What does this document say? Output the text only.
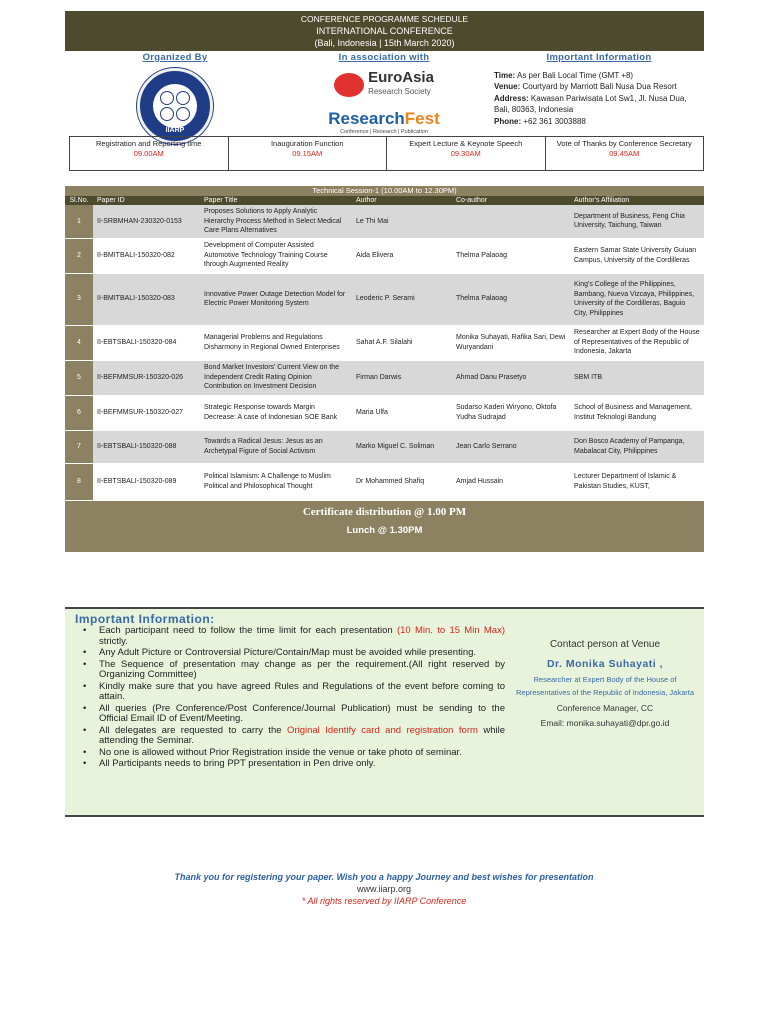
CONFERENCE PROGRAMME SCHEDULE
INTERNATIONAL CONFERENCE
(Bali, Indonesia | 15th March 2020)
Organized By
IIARP
In association with
EuroAsia
Research Society
ResearchFest
Conference | Research | Publication
Important Information
Time: As per Bali Local Time (GMT +8)
Venue: Courtyard by Marriott Bali Nusa Dua Resort
Address: Kawasan Pariwisata Lot Sw1, Jl. Nusa Dua, Bali, 80363, Indonesia
Phone: +62 361 3003888
Registration and Reporting time
09.00AM
Inauguration Function
09.15AM
Expert Lecture & Keynote Speech
09.30AM
Vote of Thanks by Conference Secretary
09.45AM
Technical Session-1 (10.00AM to 12.30PM)
Sl.No.	Paper ID	Paper Title	Author	Co-author	Author's Affiliation
1	II-SRBMHAN-230320-0153	Proposes Solutions to Apply Analytic Hierarchy Process Method in Select Medical Care Plans Alternatives	Le Thi Mai		Department of Business, Feng Chia University, Taichung, Taiwan
2	II-BMITBALI-150320-082	Development of Computer Assisted Automotive Technology Training Course through Augmented Reality	Aida Elivera	Thelma Palaoag	Eastern Samar State University Guiuan Campus, University of the Cordilleras
3	II-BMITBALI-150320-083	Innovative Power Outage Detection Model for Electric Power Monitoring System	Leoderic P. Serami	Thelma Palaoag	King's College of the Philippines, Bambang, Nueva Vizcaya, Philippines, University of the Cordilleras, Baguio City, Philippines
4	II-EBTSBALI-150320-084	Managerial Problems and Regulations Disharmony in Regional Owned Enterprises	Sahat A.F. Silalahi	Monika Suhayati, Rafika Sari, Dewi Wuryandani	Researcher at Expert Body of the House of Representatives of the Republic of Indonesia, Jakarta
5	II-BEFMMSUR-150320-026	Bond Market Investors' Current View on the Independent Credit Rating Opinion Contribution on Investment Decision	Firman Darwis	Ahmad Danu Prasetyo	SBM ITB
6	II-BEFMMSUR-150320-027	Strategic Response towards Margin Decrease: A case of Indonesian SOE Bank	Maria Ulfa	Sudarso Kaderi Wiryono, Oktofa Yudha Sudrajad	School of Business and Management, Institut Teknologi Bandung
7	II-EBTSBALI-150320-088	Towards a Radical Jesus: Jesus as an Archetypal Figure of Social Activism	Marko Miguel C. Soliman	Jean Carlo Serrano	Don Bosco Academy of Pampanga, Mabalacat City, Philippines
8	II-EBTSBALI-150320-089	Political Islamism: A Challenge to Muslim Political and Philosophical Thought	Dr Mohammed Shafiq	Amjad Hussain	Lecturer Department of Islamic & Pakistan Studies, KUST,
Certificate distribution @ 1.00 PM
Lunch @ 1.30PM
Important Information:
• Each participant need to follow the time limit for each presentation (10 Min. to 15 Min Max) strictly.
• Any Adult Picture or Controversial Picture/Contain/Map must be avoided while presenting.
• The Sequence of presentation may change as per the requirement.(All right reserved by Organizing Committee)
• Kindly make sure that you have agreed Rules and Regulations of the event before coming to attain.
• All queries (Pre Conference/Post Conference/Journal Publication) must be sending to the Official Email ID of Event/Meeting.
• All delegates are requested to carry the Original Identify card and registration form while attending the Seminar.
• No one is allowed without Prior Registration inside the venue or take photo of seminar.
• All Participants needs to bring PPT presentation in Pen drive only.
Contact person at Venue
Dr. Monika Suhayati ,
Researcher at Expert Body of the House of Representatives of the Republic of Indonesia, Jakarta
Conference Manager, CC
Email: monika.suhayati@dpr.go.id
Thank you for registering your paper. Wish you a happy Journey and best wishes for presentation
www.iiarp.org
* All rights reserved by IIARP Conference
